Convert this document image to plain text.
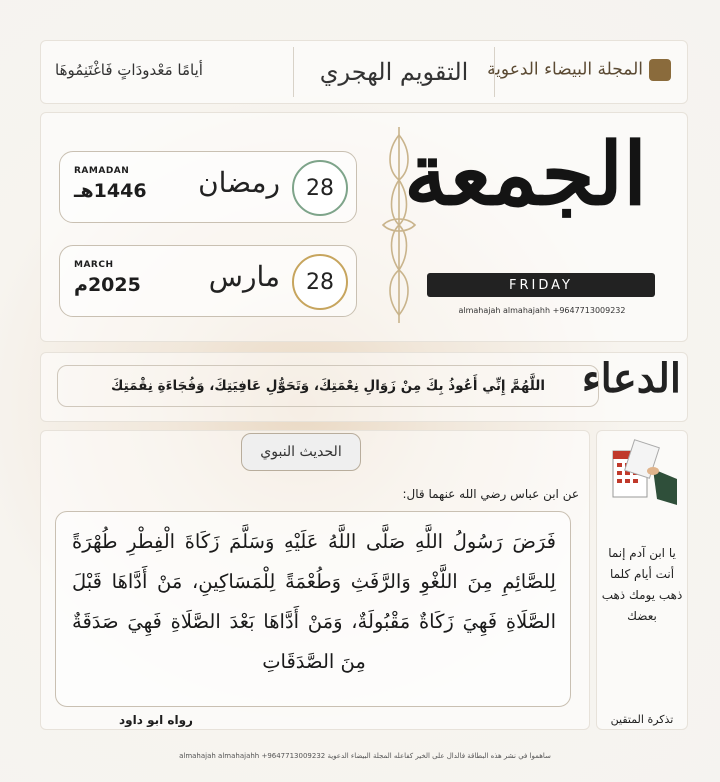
المجلة البيضاء الدعوية
التقويم الهجري
أيامًا مَعْدودَاتٍ فَاغْتَنِمُوهَا
28
رمضان
RAMADAN
1446هـ
28
مارس
MARCH
2025م
الجمعة
FRIDAY
almahajah almahajahh +9647713009232
الدعاء
اللَّهُمَّ إِنِّي أَعُوذُ بِكَ مِنْ زَوَالِ نِعْمَتِكَ، وَتَحَوُّلِ عَافِيَتِكَ، وَفُجَاءَةِ نِقْمَتِكَ
الحديث النبوي
عن ابن عباس رضي الله عنهما قال:
فَرَضَ رَسُولُ اللَّهِ صَلَّى اللَّهُ عَلَيْهِ وَسَلَّمَ زَكَاةَ الْفِطْرِ طُهْرَةً لِلصَّائِمِ مِنَ اللَّغْوِ وَالرَّفَثِ وَطُعْمَةً لِلْمَسَاكِينِ، مَنْ أَدَّاهَا قَبْلَ الصَّلَاةِ فَهِيَ زَكَاةٌ مَقْبُولَةٌ، وَمَنْ أَدَّاهَا بَعْدَ الصَّلَاةِ فَهِيَ صَدَقَةٌ مِنَ الصَّدَقَاتِ
رواه ابو داود
يا ابن آدم إنما أنت أيام كلما ذهب يومك ذهب بعضك
تذكرة المتقين
ساهموا في نشر هذه البطاقة فالدال على الخير كفاعله المجلة البيضاء الدعوية almahajah almahajahh +9647713009232
